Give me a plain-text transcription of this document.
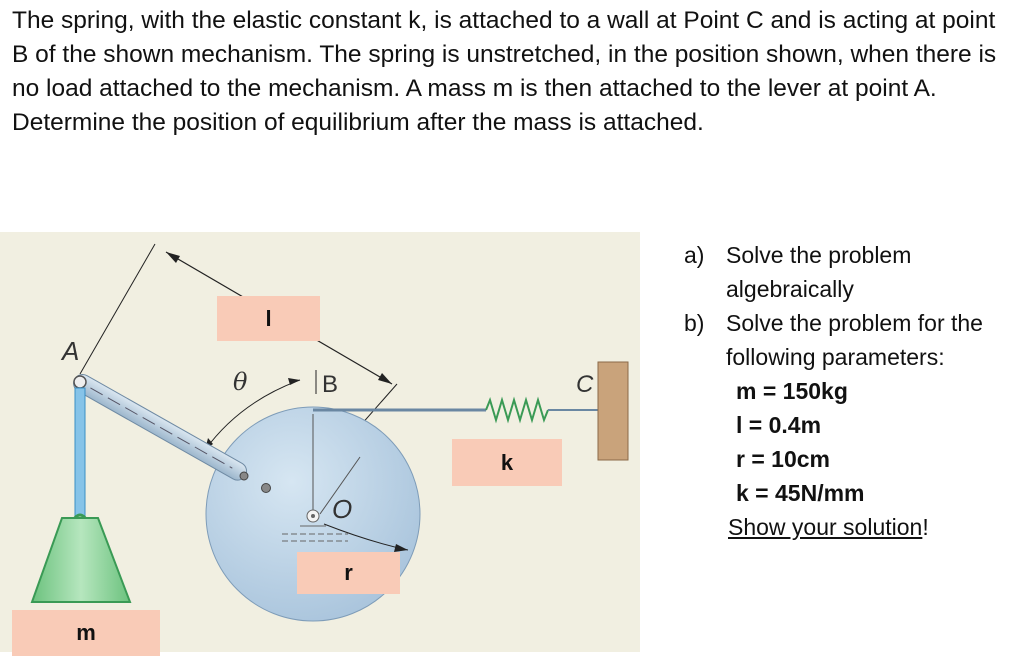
The spring, with the elastic constant k, is attached to a wall at Point C and is acting at point B of the shown mechanism. The spring is unstretched, in the position shown, when there is no load attached to the mechanism. A mass m is then attached to the lever at point A. Determine the position of equilibrium after the mass is attached.

A
B	C
O
θ
l
k
r
m
a) Solve the problem algebraically
b) Solve the problem for the following parameters:
m = 150kg
l = 0.4m
r = 10cm
k = 45N/mm
Show your solution!
